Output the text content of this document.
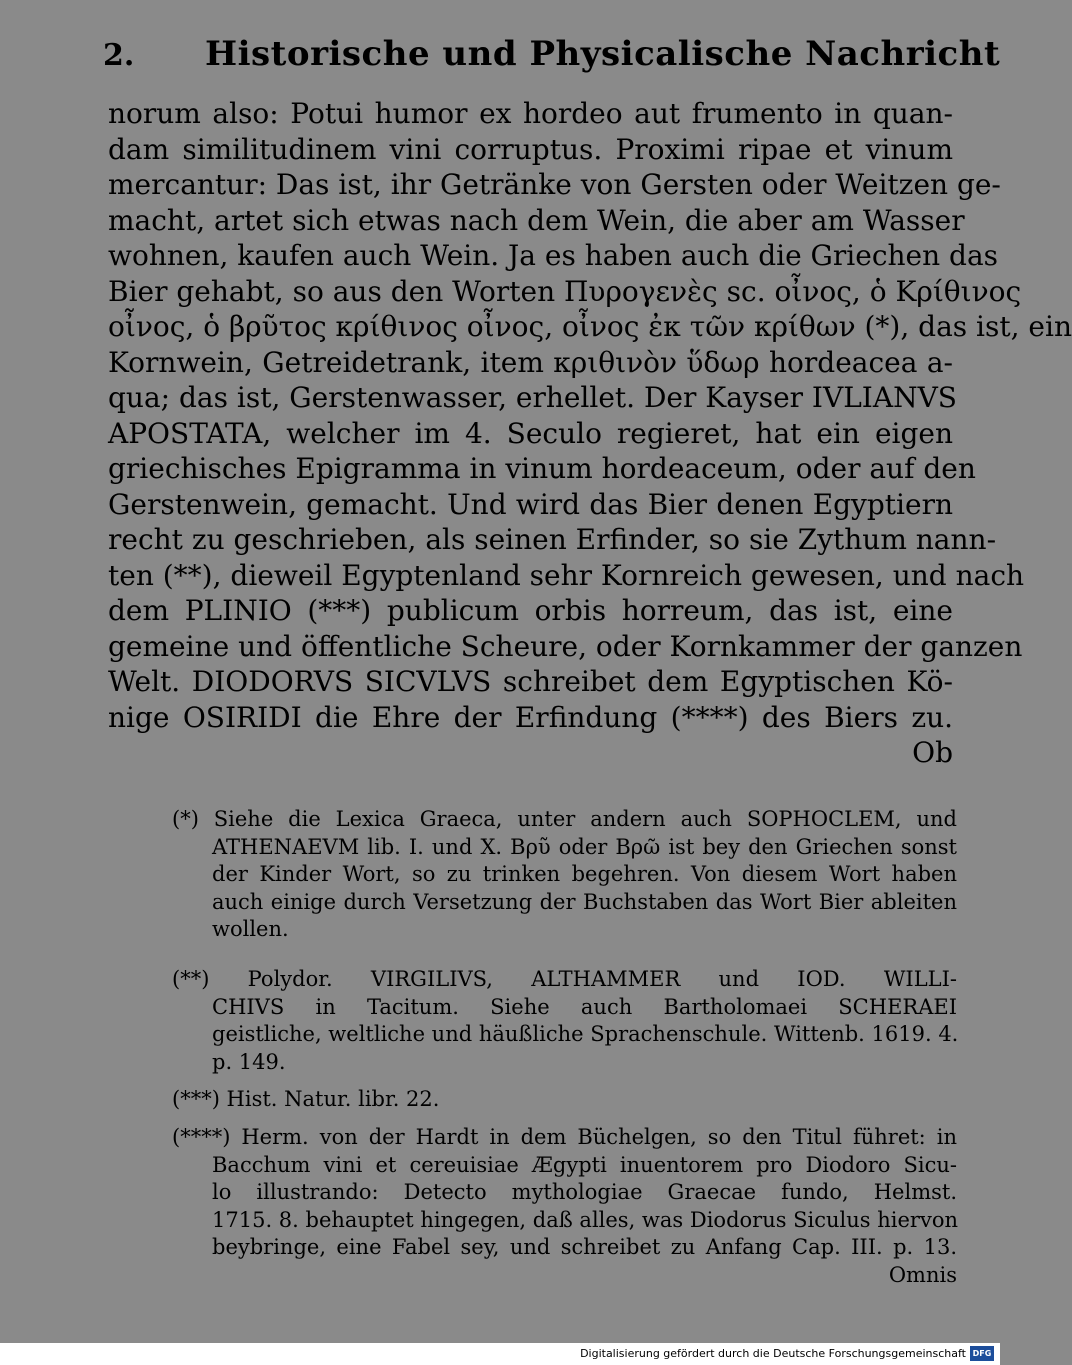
2. Historische und Physicalische Nachricht
norum also: Potui humor ex hordeo aut frumento in quan-
dam similitudinem vini corruptus. Proximi ripae et vinum
mercantur: Das ist, ihr Getränke von Gersten oder Weitzen ge-
macht, artet sich etwas nach dem Wein, die aber am Wasser
wohnen, kaufen auch Wein. Ja es haben auch die Griechen das
Bier gehabt, so aus den Worten Πυρογενὲς sc. οἶνος, ὁ Κρίθινος
οἶνος, ὁ βρῦτος κρίθινος οἶνος, οἶνος ἐκ τῶν κρίθων (*), das ist, ein
Kornwein, Getreidetrank, item κριθινὸν ὕδωρ hordeacea a-
qua; das ist, Gerstenwasser, erhellet. Der Kayser IVLIANVS
APOSTATA, welcher im 4. Seculo regieret, hat ein eigen
griechisches Epigramma in vinum hordeaceum, oder auf den
Gerstenwein, gemacht. Und wird das Bier denen Egyptiern
recht zu geschrieben, als seinen Erfinder, so sie Zythum nann-
ten (**), dieweil Egyptenland sehr Kornreich gewesen, und nach
dem PLINIO (***) publicum orbis horreum, das ist, eine
gemeine und öffentliche Scheure, oder Kornkammer der ganzen
Welt. DIODORVS SICVLVS schreibet dem Egyptischen Kö-
nige OSIRIDI die Ehre der Erfindung (****) des Biers zu.
Ob
(*) Siehe die Lexica Graeca, unter andern auch SOPHOCLEM, und
ATHENAEVM lib. I. und X. Βρῦ oder Βρῶ ist bey den Griechen sonst
der Kinder Wort, so zu trinken begehren. Von diesem Wort haben
auch einige durch Versetzung der Buchstaben das Wort Bier ableiten
wollen.
(**) Polydor. VIRGILIVS, ALTHAMMER und IOD. WILLI-
CHIVS in Tacitum. Siehe auch Bartholomaei SCHERAEI
geistliche, weltliche und häußliche Sprachenschule. Wittenb. 1619. 4.
p. 149.
(***) Hist. Natur. libr. 22.
(****) Herm. von der Hardt in dem Büchelgen, so den Titul führet: in
Bacchum vini et cereuisiae Ægypti inuentorem pro Diodoro Sicu-
lo illustrando: Detecto mythologiae Graecae fundo, Helmst.
1715. 8. behauptet hingegen, daß alles, was Diodorus Siculus hiervon
beybringe, eine Fabel sey, und schreibet zu Anfang Cap. III. p. 13.
Omnis
Digitalisierung gefördert durch die Deutsche Forschungsgemeinschaft DFG
